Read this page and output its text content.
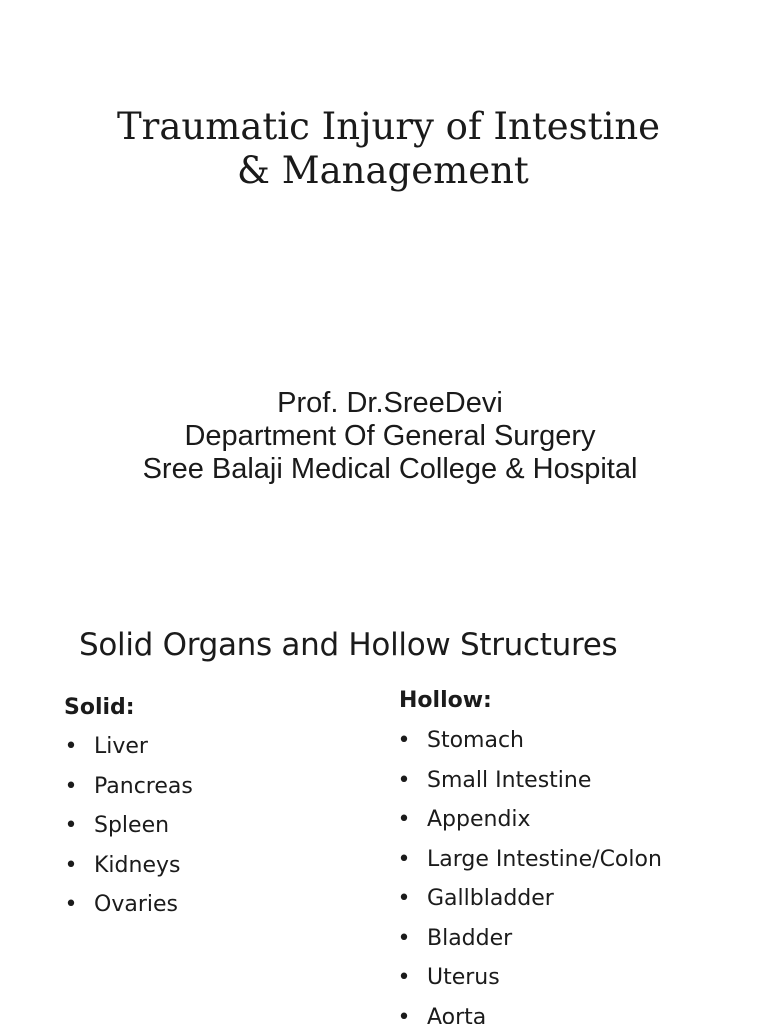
Traumatic Injury of Intestine
& Management
Prof. Dr.SreeDevi
Department Of General Surgery
Sree Balaji Medical College & Hospital
Solid Organs and Hollow Structures
Solid:
• Liver
• Pancreas
• Spleen
• Kidneys
• Ovaries
Hollow:
• Stomach
• Small Intestine
• Appendix
• Large Intestine/Colon
• Gallbladder
• Bladder
• Uterus
• Aorta
